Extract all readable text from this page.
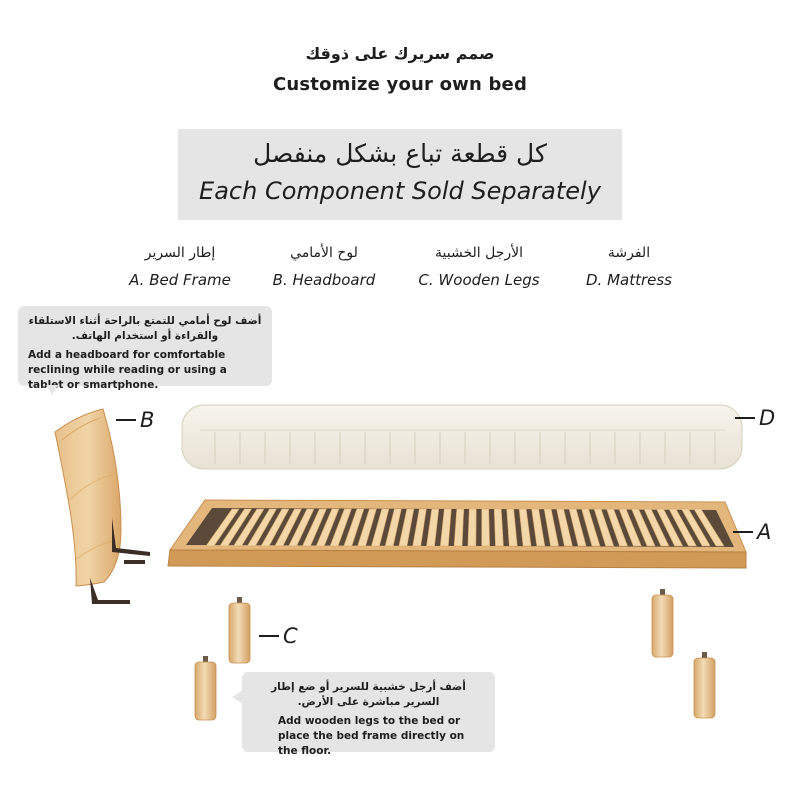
صمم سريرك على ذوقك
Customize your own bed
كل قطعة تباع بشكل منفصل
Each Component Sold Separately
إطار السرير
A. Bed Frame
لوح الأمامي
B. Headboard
الأرجل الخشبية
C. Wooden Legs
الفرشة
D. Mattress
أضف لوح أمامي للتمتع بالراحة أثناء الاستلقاء والقراءة أو استخدام الهاتف.
Add a headboard for comfortable reclining while reading or using a tablet or smartphone.
أضف أرجل خشبية للسرير أو ضع إطار السرير مباشرة على الأرض.
Add wooden legs to the bed or place the bed frame directly on the floor.
B	D
A
C
